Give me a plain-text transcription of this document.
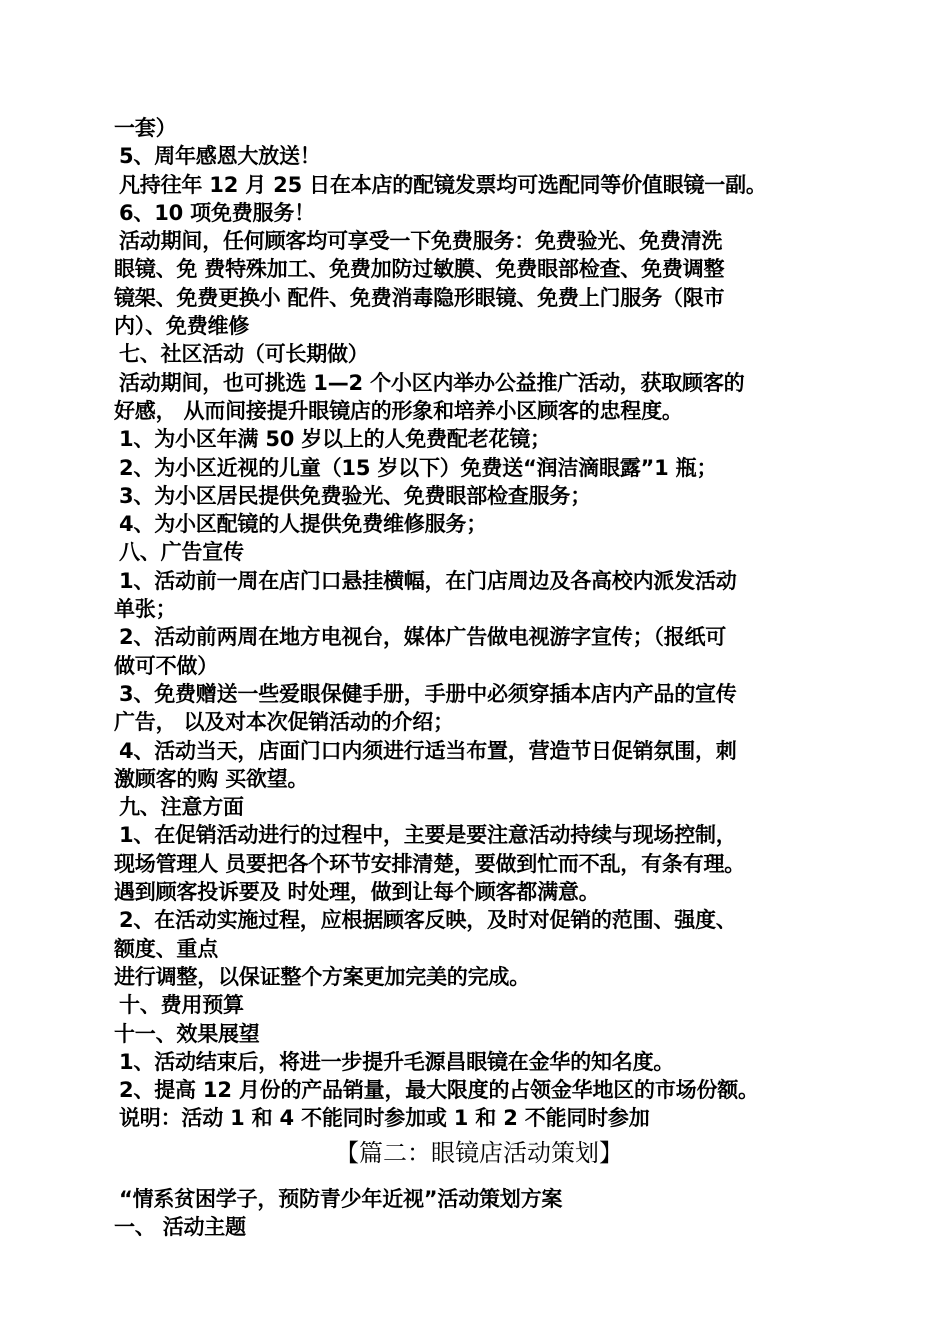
一套）
5、周年感恩大放送！
凡持往年 12 月 25 日在本店的配镜发票均可选配同等价值眼镜一副。
6、10 项免费服务！
活动期间，任何顾客均可享受一下免费服务：免费验光、免费清洗
眼镜、免 费特殊加工、免费加防过敏膜、免费眼部检查、免费调整
镜架、免费更换小 配件、免费消毒隐形眼镜、免费上门服务（限市
内）、免费维修
七、社区活动（可长期做）
活动期间，也可挑选 1—2 个小区内举办公益推广活动，获取顾客的
好感， 从而间接提升眼镜店的形象和培养小区顾客的忠程度。
1、为小区年满 50 岁以上的人免费配老花镜；
2、为小区近视的儿童（15 岁以下）免费送“润洁滴眼露”1 瓶；
3、为小区居民提供免费验光、免费眼部检查服务；
4、为小区配镜的人提供免费维修服务；
八、广告宣传
1、活动前一周在店门口悬挂横幅，在门店周边及各高校内派发活动
单张；
2、活动前两周在地方电视台，媒体广告做电视游字宣传；（报纸可
做可不做）
3、免费赠送一些爱眼保健手册，手册中必须穿插本店内产品的宣传
广告， 以及对本次促销活动的介绍；
4、活动当天，店面门口内须进行适当布置，营造节日促销氛围，刺
激顾客的购 买欲望。
九、注意方面
1、在促销活动进行的过程中，主要是要注意活动持续与现场控制，
现场管理人 员要把各个环节安排清楚，要做到忙而不乱，有条有理。
遇到顾客投诉要及 时处理，做到让每个顾客都满意。
2、在活动实施过程，应根据顾客反映，及时对促销的范围、强度、
额度、重点
进行调整，以保证整个方案更加完美的完成。
十、费用预算
十一、效果展望
1、活动结束后，将进一步提升毛源昌眼镜在金华的知名度。
2、提高 12 月份的产品销量，最大限度的占领金华地区的市场份额。
说明：活动 1 和 4 不能同时参加或 1 和 2 不能同时参加
【篇二：眼镜店活动策划】
“情系贫困学子，预防青少年近视”活动策划方案
一、 活动主题
